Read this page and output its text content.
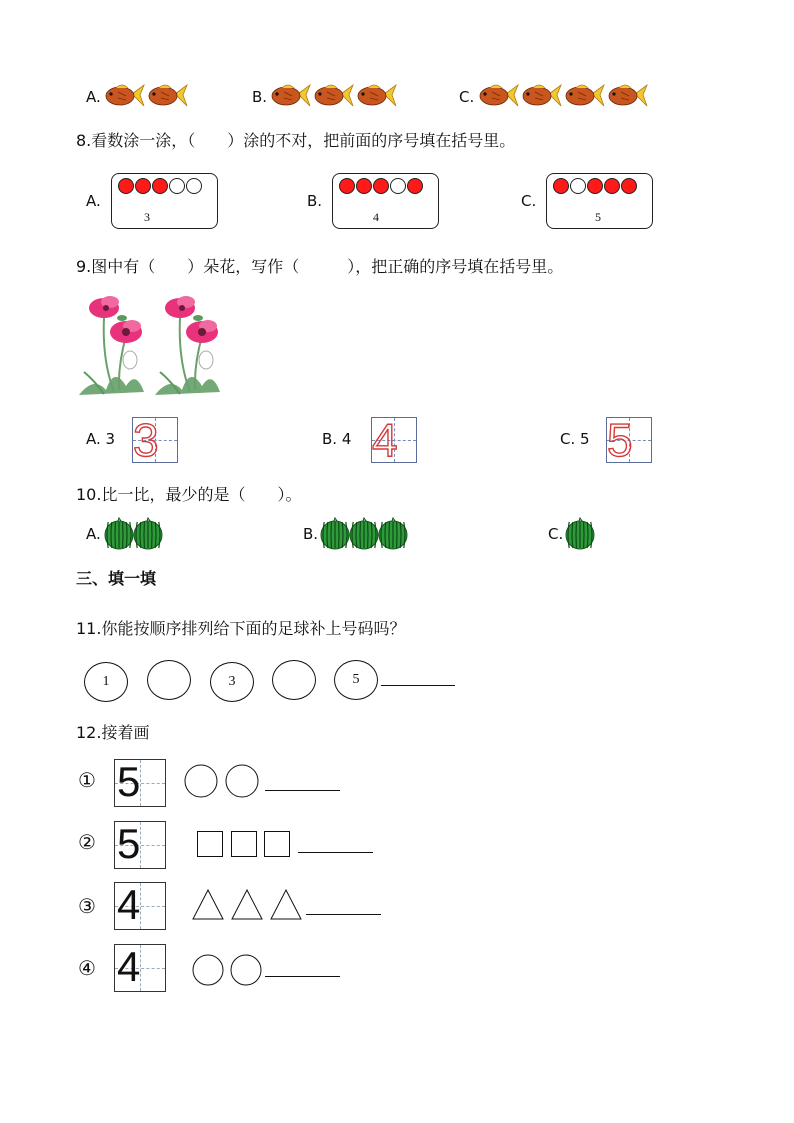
A.	B.	C.
8.看数涂一涂，（　　）涂的不对，把前面的序号填在括号里。
A.	B.	C.
3	4	5
9.图中有（　　）朵花，写作（　　　），把正确的序号填在括号里。
A. 3	B. 4	C. 5
3	4	5
10.比一比，最少的是（　　）。
A.	B.	C.
三、填一填
11.你能按顺序排列给下面的足球补上号码吗？
1	3	5
12.接着画
① 5
② 5
③ 4
④ 4
